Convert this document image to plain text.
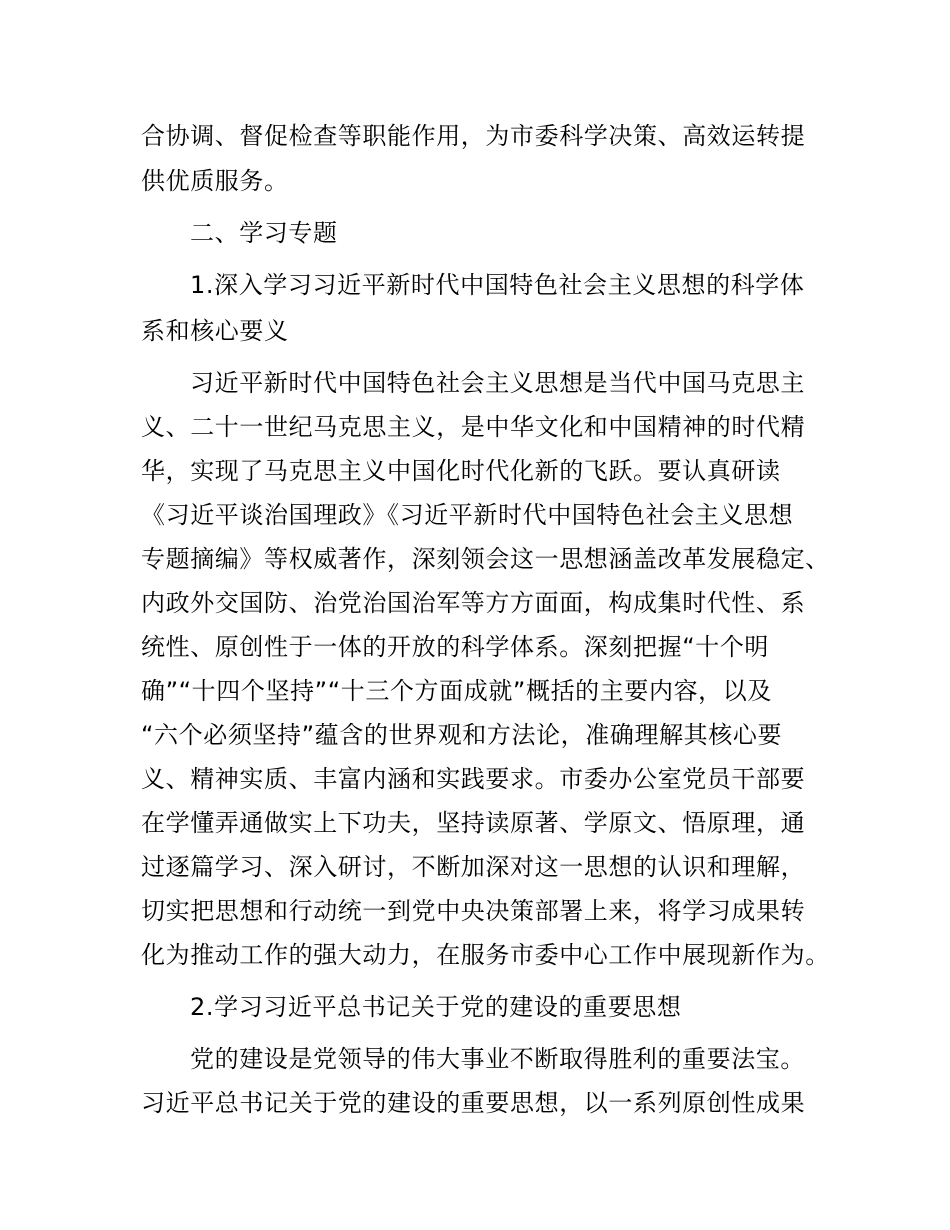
合协调、督促检查等职能作用，为市委科学决策、高效运转提
供优质服务。
二、学习专题
1.深入学习习近平新时代中国特色社会主义思想的科学体
系和核心要义
习近平新时代中国特色社会主义思想是当代中国马克思主
义、二十一世纪马克思主义，是中华文化和中国精神的时代精
华，实现了马克思主义中国化时代化新的飞跃。要认真研读
《习近平谈治国理政》《习近平新时代中国特色社会主义思想
专题摘编》等权威著作，深刻领会这一思想涵盖改革发展稳定、
内政外交国防、治党治国治军等方方面面，构成集时代性、系
统性、原创性于一体的开放的科学体系。深刻把握“十个明
确”“十四个坚持”“十三个方面成就”概括的主要内容，以及
“六个必须坚持”蕴含的世界观和方法论，准确理解其核心要
义、精神实质、丰富内涵和实践要求。市委办公室党员干部要
在学懂弄通做实上下功夫，坚持读原著、学原文、悟原理，通
过逐篇学习、深入研讨，不断加深对这一思想的认识和理解，
切实把思想和行动统一到党中央决策部署上来，将学习成果转
化为推动工作的强大动力，在服务市委中心工作中展现新作为。
2.学习习近平总书记关于党的建设的重要思想
党的建设是党领导的伟大事业不断取得胜利的重要法宝。
习近平总书记关于党的建设的重要思想，以一系列原创性成果
